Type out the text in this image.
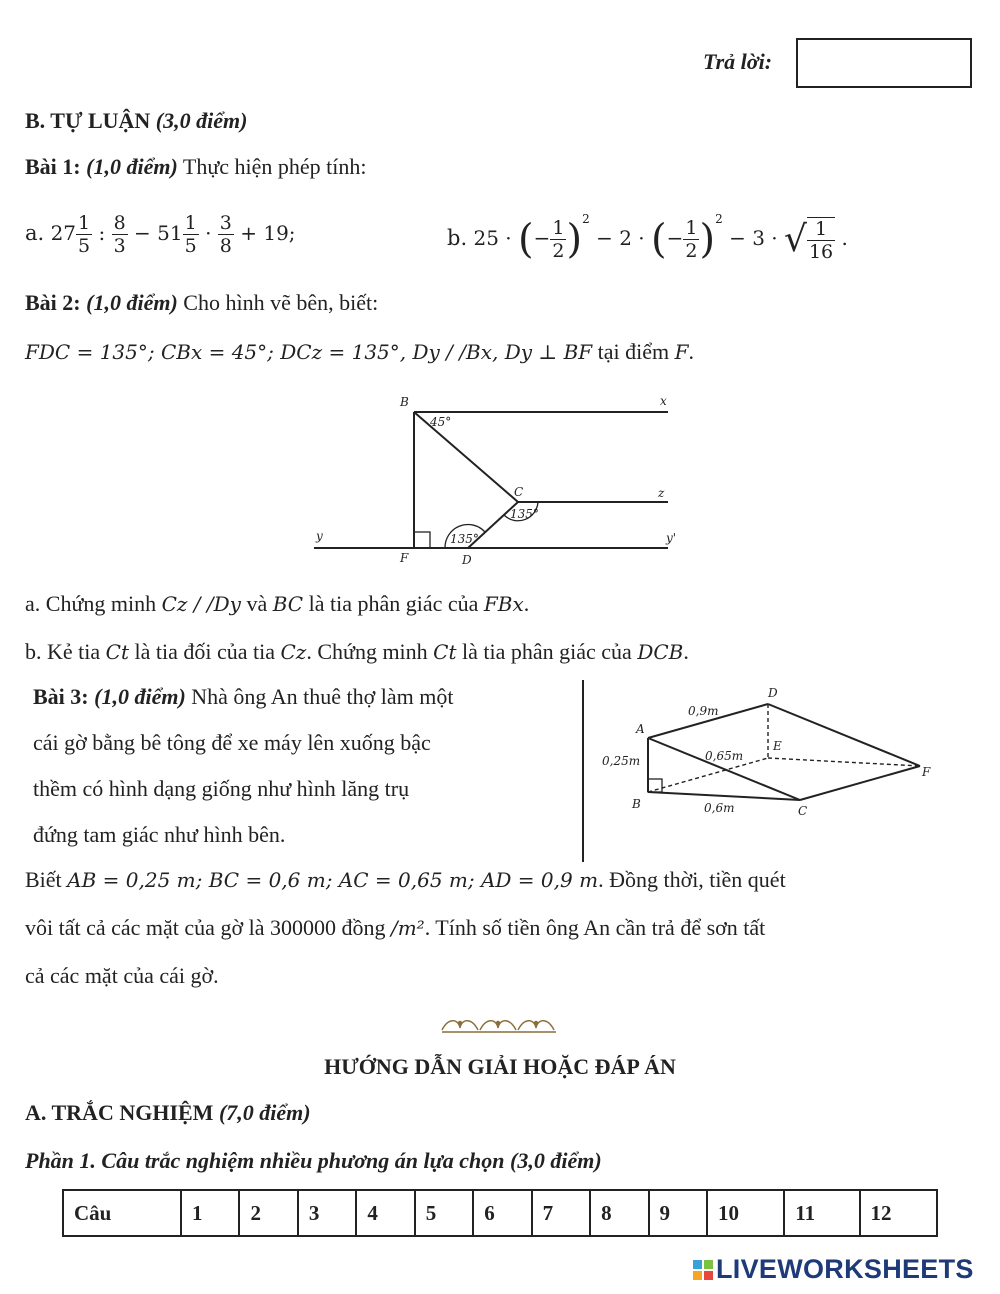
Trả lời:
B. TỰ LUẬN (3,0 điểm)
Bài 1: (1,0 điểm) Thực hiện phép tính:
a. $27 \frac{1}{5}$ : $\frac{8}{3} - 51 \frac{1}{5} \cdot \frac{3}{8} + 19$;	b. 25 · (− $\frac{1}{2} )^2 - 2$ · (− $\frac{1}{2} )^2 - 3$ · √ $\frac{1}{16}$ .
Bài 2: (1,0 điểm) Cho hình vẽ bên, biết:
FDC = 135°; CBx = 45°; DCz = 135°, Dy / /Bx, Dy ⊥ BF tại điểm F.
B	x
45°
C	z
135°
y	y'
F	D
135°
a. Chứng minh Cz / /Dy và BC là tia phân giác của FBx.
b. Kẻ tia Ct là tia đối của tia Cz. Chứng minh Ct là tia phân giác của DCB.
Bài 3: (1,0 điểm) Nhà ông An thuê thợ làm một
cái gờ bằng bê tông để xe máy lên xuống bậc
thềm có hình dạng giống như hình lăng trụ
đứng tam giác như hình bên.
D
0,9m
A
E
0,65m
0,25m
F
B	0,6m	C
Biết AB = 0,25 m; BC = 0,6 m; AC = 0,65 m; AD = 0,9 m. Đồng thời, tiền quét
vôi tất cả các mặt của gờ là 300000 đồng /m². Tính số tiền ông An cần trả để sơn tất
cả các mặt của cái gờ.
HƯỚNG DẪN GIẢI HOẶC ĐÁP ÁN
A. TRẮC NGHIỆM (7,0 điểm)
Phần 1. Câu trắc nghiệm nhiều phương án lựa chọn (3,0 điểm)
Câu	1	2	3	4	5	6	7	8	9	10	11	12
LIVEWORKSHEETS
